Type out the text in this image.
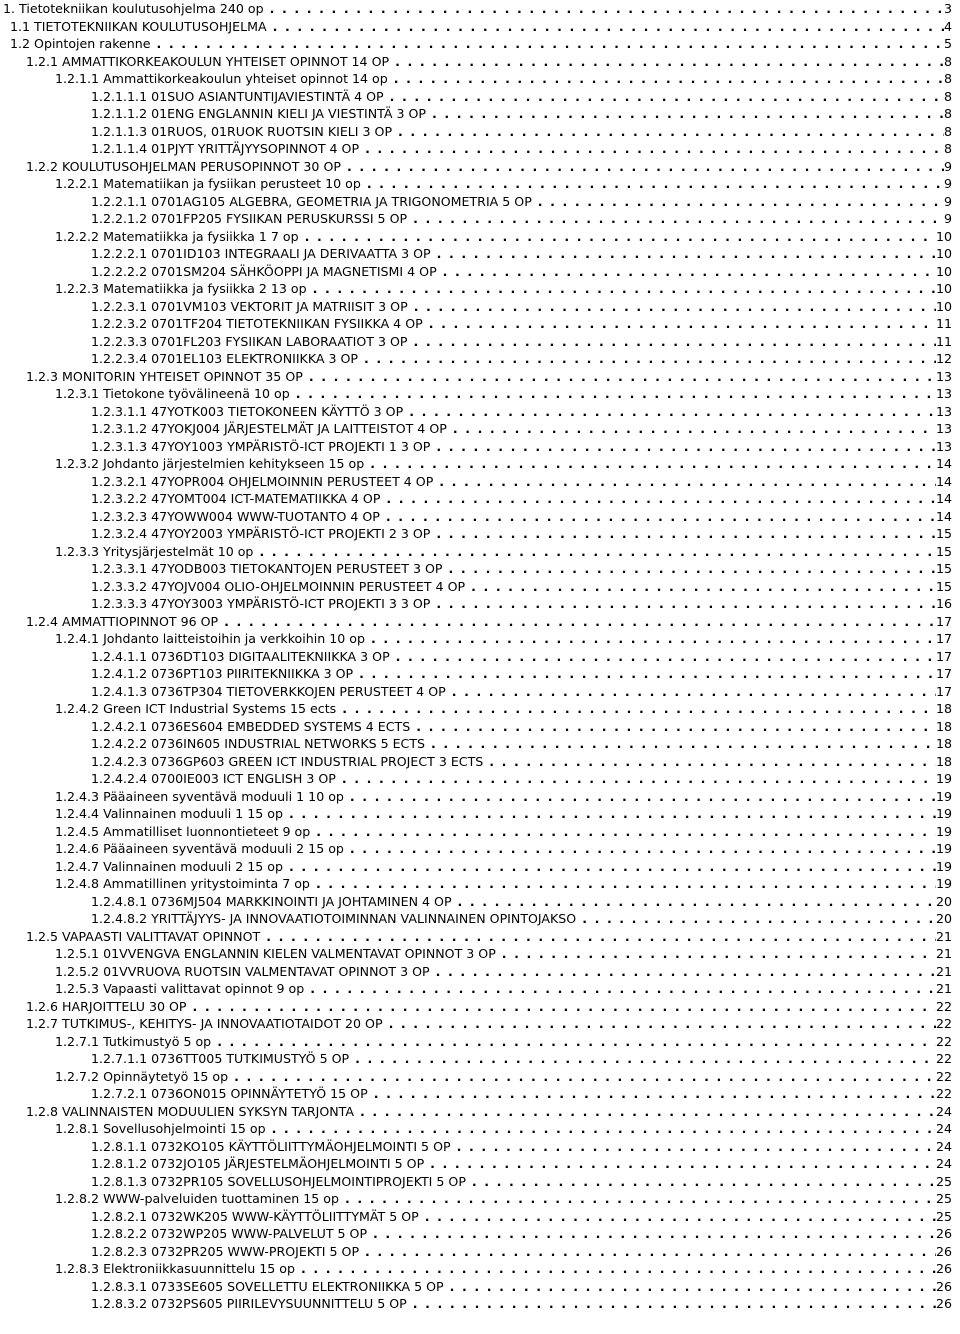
1. Tietotekniikan koulutusohjelma 240 op . . .	3
1.1 TIETOTEKNIIKAN KOULUTUSOHJELMA . . .	4
1.2 Opintojen rakenne . . .	5
1.2.1 AMMATTIKORKEAKOULUN YHTEISET OPINNOT 14 OP . . .	8
1.2.1.1 Ammattikorkeakoulun yhteiset opinnot 14 op . . .	8
1.2.1.1.1 01SUO ASIANTUNTIJAVIESTINTÄ 4 OP . . .	8
1.2.1.1.2 01ENG ENGLANNIN KIELI JA VIESTINTÄ 3 OP . . .	8
1.2.1.1.3 01RUOS, 01RUOK RUOTSIN KIELI 3 OP . . .	8
1.2.1.1.4 01PJYT YRITTÄJYYSOPINNOT 4 OP . . .	8
1.2.2 KOULUTUSOHJELMAN PERUSOPINNOT 30 OP . . .	9
1.2.2.1 Matematiikan ja fysiikan perusteet 10 op . . .	9
1.2.2.1.1 0701AG105 ALGEBRA, GEOMETRIA JA TRIGONOMETRIA 5 OP . . .	9
1.2.2.1.2 0701FP205 FYSIIKAN PERUSKURSSI 5 OP . . .	9
1.2.2.2 Matematiikka ja fysiikka 1 7 op . . .	10
1.2.2.2.1 0701ID103 INTEGRAALI JA DERIVAATTA 3 OP . . .	10
1.2.2.2.2 0701SM204 SÄHKÖOPPI JA MAGNETISMI 4 OP . . .	10
1.2.2.3 Matematiikka ja fysiikka 2 13 op . . .	10
1.2.2.3.1 0701VM103 VEKTORIT JA MATRIISIT 3 OP . . .	10
1.2.2.3.2 0701TF204 TIETOTEKNIIKAN FYSIIKKA 4 OP . . .	11
1.2.2.3.3 0701FL203 FYSIIKAN LABORAATIOT 3 OP . . .	11
1.2.2.3.4 0701EL103 ELEKTRONIIKKA 3 OP . . .	12
1.2.3 MONITORIN YHTEISET OPINNOT 35 OP . . .	13
1.2.3.1 Tietokone työvälineenä 10 op . . .	13
1.2.3.1.1 47YOTK003 TIETOKONEEN KÄYTTÖ 3 OP . . .	13
1.2.3.1.2 47YOKJ004 JÄRJESTELMÄT JA LAITTEISTOT 4 OP . . .	13
1.2.3.1.3 47YOY1003 YMPÄRISTÖ-ICT PROJEKTI 1 3 OP . . .	13
1.2.3.2 Johdanto järjestelmien kehitykseen 15 op . . .	14
1.2.3.2.1 47YOPR004 OHJELMOINNIN PERUSTEET 4 OP . . .	14
1.2.3.2.2 47YOMT004 ICT-MATEMATIIKKA 4 OP . . .	14
1.2.3.2.3 47YOWW004 WWW-TUOTANTO 4 OP . . .	14
1.2.3.2.4 47YOY2003 YMPÄRISTÖ-ICT PROJEKTI 2 3 OP . . .	15
1.2.3.3 Yritysjärjestelmät 10 op . . .	15
1.2.3.3.1 47YODB003 TIETOKANTOJEN PERUSTEET 3 OP . . .	15
1.2.3.3.2 47YOJV004 OLIO-OHJELMOINNIN PERUSTEET 4 OP . . .	15
1.2.3.3.3 47YOY3003 YMPÄRISTÖ-ICT PROJEKTI 3 3 OP . . .	16
1.2.4 AMMATTIOPINNOT 96 OP . . .	17
1.2.4.1 Johdanto laitteistoihin ja verkkoihin 10 op . . .	17
1.2.4.1.1 0736DT103 DIGITAALITEKNIIKKA 3 OP . . .	17
1.2.4.1.2 0736PT103 PIIRITEKNIIKKA 3 OP . . .	17
1.2.4.1.3 0736TP304 TIETOVERKKOJEN PERUSTEET 4 OP . . .	17
1.2.4.2 Green ICT Industrial Systems 15 ects . . .	18
1.2.4.2.1 0736ES604 EMBEDDED SYSTEMS 4 ECTS . . .	18
1.2.4.2.2 0736IN605 INDUSTRIAL NETWORKS 5 ECTS . . .	18
1.2.4.2.3 0736GP603 GREEN ICT INDUSTRIAL PROJECT 3 ECTS . . .	18
1.2.4.2.4 0700IE003 ICT ENGLISH 3 OP . . .	19
1.2.4.3 Pääaineen syventävä moduuli 1 10 op . . .	19
1.2.4.4 Valinnainen moduuli 1 15 op . . .	19
1.2.4.5 Ammatilliset luonnontieteet 9 op . . .	19
1.2.4.6 Pääaineen syventävä moduuli 2 15 op . . .	19
1.2.4.7 Valinnainen moduuli 2 15 op . . .	19
1.2.4.8 Ammatillinen yritystoiminta 7 op . . .	19
1.2.4.8.1 0736MJ504 MARKKINOINTI JA JOHTAMINEN 4 OP . . .	20
1.2.4.8.2 YRITTÄJYYS- JA INNOVAATIOTOIMINNAN VALINNAINEN OPINTOJAKSO . . .	20
1.2.5 VAPAASTI VALITTAVAT OPINNOT . . .	21
1.2.5.1 01VVENGVA ENGLANNIN KIELEN VALMENTAVAT OPINNOT 3 OP . . .	21
1.2.5.2 01VVRUOVA RUOTSIN VALMENTAVAT OPINNOT 3 OP . . .	21
1.2.5.3 Vapaasti valittavat opinnot 9 op . . .	21
1.2.6 HARJOITTELU 30 OP . . .	22
1.2.7 TUTKIMUS-, KEHITYS- JA INNOVAATIOTAIDOT 20 OP . . .	22
1.2.7.1 Tutkimustyö 5 op . . .	22
1.2.7.1.1 0736TT005 TUTKIMUSTYÖ 5 OP . . .	22
1.2.7.2 Opinnäytetyö 15 op . . .	22
1.2.7.2.1 0736ON015 OPINNÄYTETYÖ 15 OP . . .	22
1.2.8 VALINNAISTEN MODUULIEN SYKSYN TARJONTA . . .	24
1.2.8.1 Sovellusohjelmointi 15 op . . .	24
1.2.8.1.1 0732KO105 KÄYTTÖLIITTYMÄOHJELMOINTI 5 OP . . .	24
1.2.8.1.2 0732JO105 JÄRJESTELMÄOHJELMOINTI 5 OP . . .	24
1.2.8.1.3 0732PR105 SOVELLUSOHJELMOINTIPROJEKTI 5 OP . . .	25
1.2.8.2 WWW-palveluiden tuottaminen 15 op . . .	25
1.2.8.2.1 0732WK205 WWW-KÄYTTÖLIITTYMÄT 5 OP . . .	25
1.2.8.2.2 0732WP205 WWW-PALVELUT 5 OP . . .	26
1.2.8.2.3 0732PR205 WWW-PROJEKTI 5 OP . . .	26
1.2.8.3 Elektroniikkasuunnittelu 15 op . . .	26
1.2.8.3.1 0733SE605 SOVELLETTU ELEKTRONIIKKA 5 OP . . .	26
1.2.8.3.2 0732PS605 PIIRILEVYSUUNNITTELU 5 OP . . .	26
